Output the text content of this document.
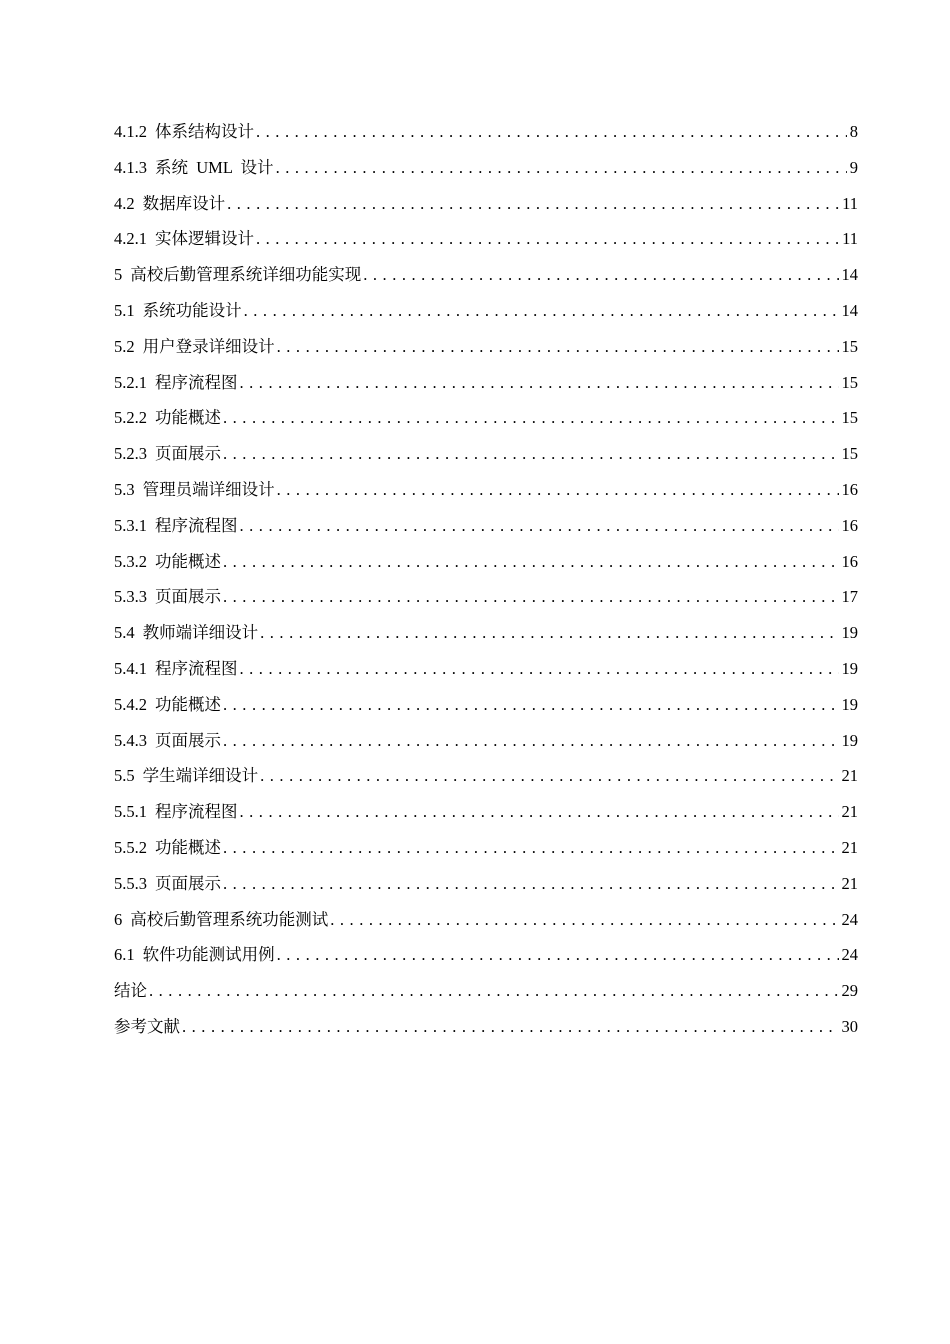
4.1.2 体系结构设计 . . .	8
4.1.3 系统  UML  设计 . . .	9
4.2 数据库设计 . . .	11
4.2.1 实体逻辑设计 . . .	11
5 高校后勤管理系统详细功能实现 . . .	14
5.1 系统功能设计 . . .	14
5.2 用户登录详细设计 . . .	15
5.2.1 程序流程图 . . .	15
5.2.2 功能概述 . . .	15
5.2.3 页面展示 . . .	15
5.3 管理员端详细设计 . . .	16
5.3.1 程序流程图 . . .	16
5.3.2 功能概述 . . .	16
5.3.3 页面展示 . . .	17
5.4 教师端详细设计 . . .	19
5.4.1 程序流程图 . . .	19
5.4.2 功能概述 . . .	19
5.4.3 页面展示 . . .	19
5.5 学生端详细设计 . . .	21
5.5.1 程序流程图 . . .	21
5.5.2 功能概述 . . .	21
5.5.3 页面展示 . . .	21
6 高校后勤管理系统功能测试 . . .	24
6.1 软件功能测试用例 . . .	24
结论 . . .	29
参考文献 . . .	30
